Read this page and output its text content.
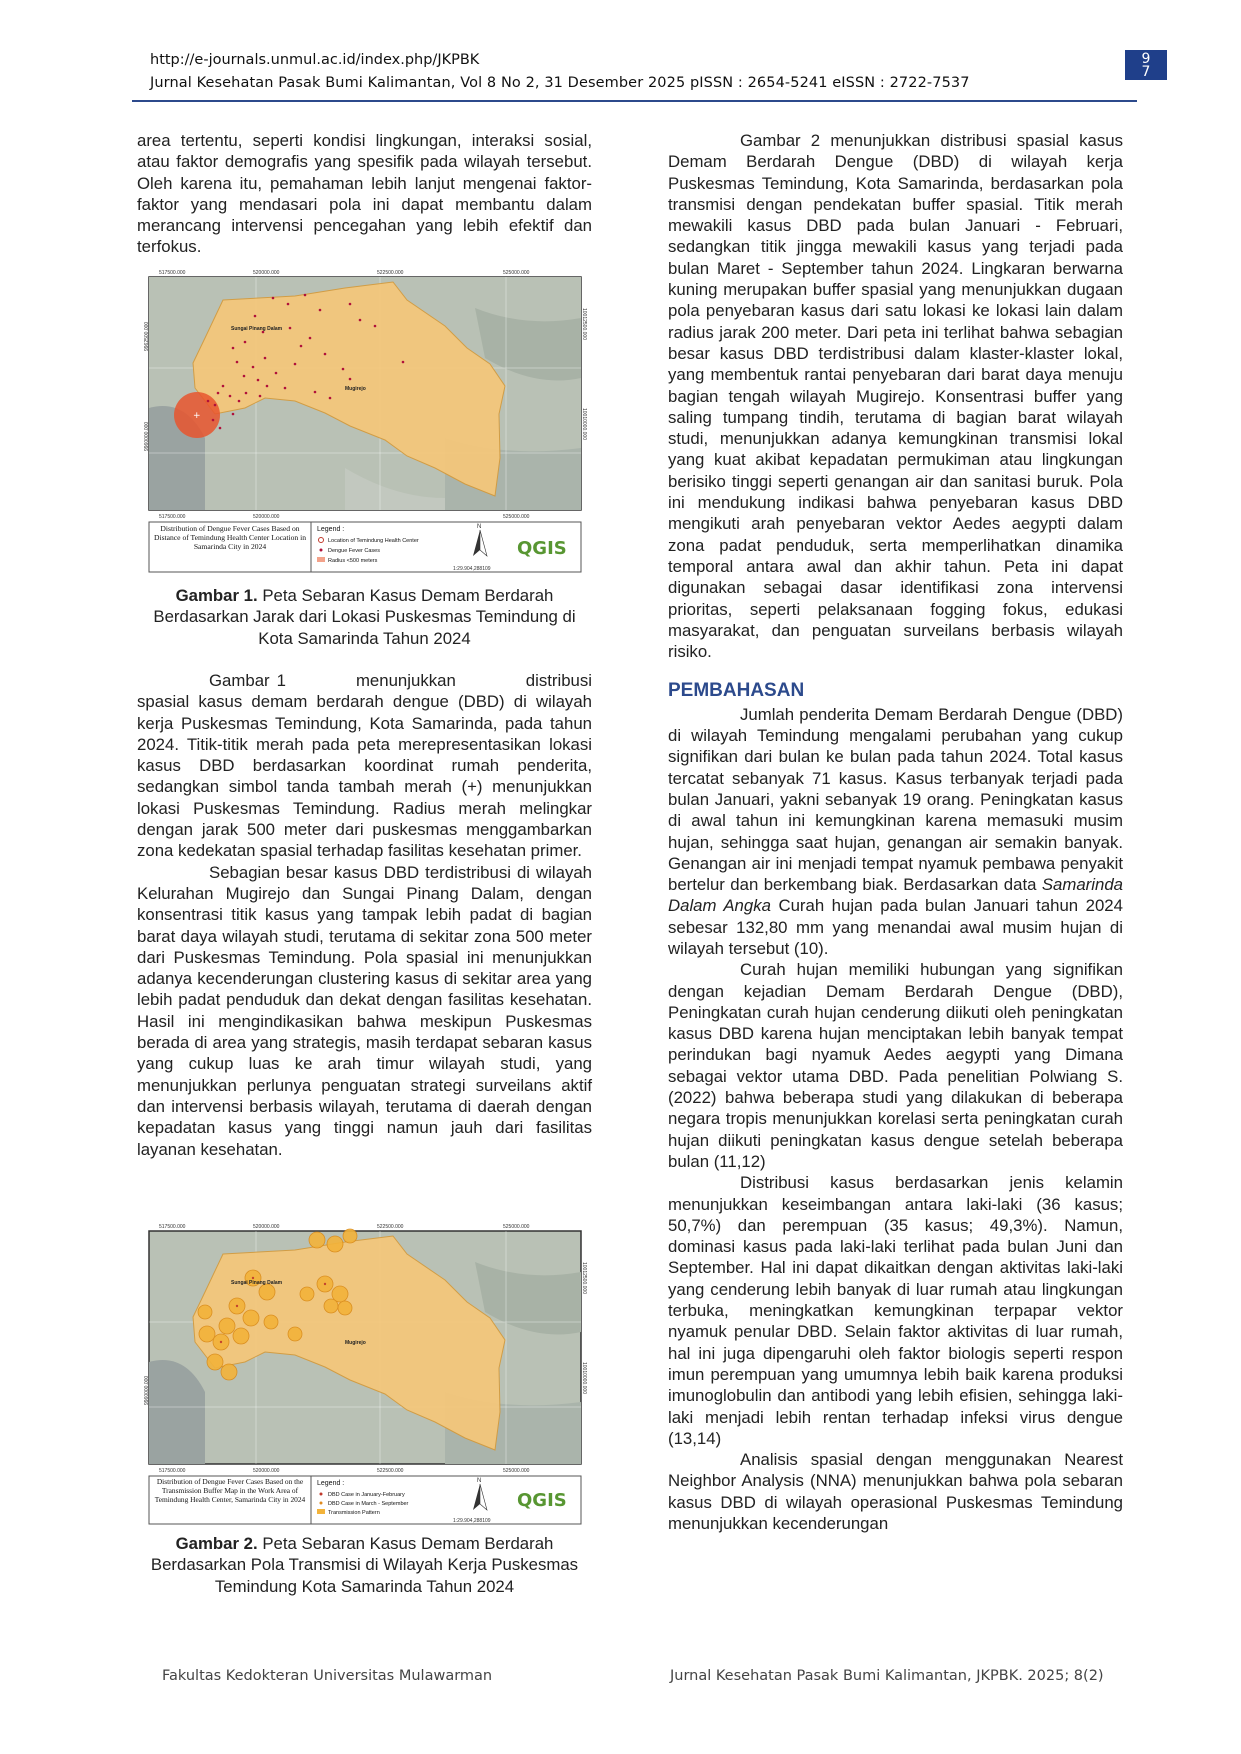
http://e-journals.unmul.ac.id/index.php/JKPBK
Jurnal Kesehatan Pasak Bumi Kalimantan, Vol 8 No 2, 31 Desember 2025 pISSN : 2654-5241 eISSN : 2722-7537
9
7

area tertentu, seperti kondisi lingkungan, interaksi sosial, atau faktor demografis yang spesifik pada wilayah tersebut. Oleh karena itu, pemahaman lebih lanjut mengenai faktor-faktor yang mendasari pola ini dapat membantu dalam merancang intervensi pencegahan yang lebih efektif dan terfokus.

517500.000	520000.000	522500.000	525000.000
+
Sungai Pinang Dalam
Mugirejo
9962500.000
9960000.000
10012500.000
10010000.000
517500.000	520000.000	525000.000
Distribution of Dengue Fever Cases Based on Distance of Temindung Health Center Location in Samarinda City in 2024
Legend :
Location of Temindung Health Center
Dengue Fever Cases
Radius <500 meters
N
1:29.904,288109
QGIS
Gambar 1. Peta Sebaran Kasus Demam Berdarah Berdasarkan Jarak dari Lokasi Puskesmas Temindung di Kota Samarinda Tahun 2024

Gambar 1          menunjukkan          distribusi spasial kasus demam berdarah dengue (DBD) di wilayah kerja Puskesmas Temindung, Kota Samarinda, pada tahun 2024. Titik-titik merah pada peta merepresentasikan lokasi kasus DBD berdasarkan koordinat rumah penderita, sedangkan simbol tanda tambah merah (+) menunjukkan lokasi Puskesmas Temindung. Radius merah melingkar dengan jarak 500 meter dari puskesmas menggambarkan zona kedekatan spasial terhadap fasilitas kesehatan primer.

Sebagian besar kasus DBD terdistribusi di wilayah Kelurahan Mugirejo dan Sungai Pinang Dalam, dengan konsentrasi titik kasus yang tampak lebih padat di bagian barat daya wilayah studi, terutama di sekitar zona 500 meter dari Puskesmas Temindung. Pola spasial ini menunjukkan adanya kecenderungan clustering kasus di sekitar area yang lebih padat penduduk dan dekat dengan fasilitas kesehatan. Hasil ini mengindikasikan bahwa meskipun Puskesmas berada di area yang strategis, masih terdapat sebaran kasus yang cukup luas ke arah timur wilayah studi, yang menunjukkan perlunya penguatan strategi surveilans aktif dan intervensi berbasis wilayah, terutama di daerah dengan kepadatan kasus yang tinggi namun jauh dari fasilitas layanan kesehatan.

517500.000	520000.000	522500.000	525000.000
Sungai Pinang Dalam
Mugirejo
9960000.000
10012500.000
10010000.000
517500.000	520000.000	522500.000	525000.000
Distribution of Dengue Fever Cases Based on the Transmission Buffer Map in the Work Area of Temindung Health Center, Samarinda City in 2024
Legend :
DBD Case in January-February
DBD Case in March - September
Transmission Pattern
N
1:29.904,288109
QGIS
Gambar 2. Peta Sebaran Kasus Demam Berdarah Berdasarkan Pola Transmisi di Wilayah Kerja Puskesmas Temindung Kota Samarinda Tahun 2024

Gambar 2 menunjukkan distribusi spasial kasus Demam Berdarah Dengue (DBD) di wilayah kerja Puskesmas Temindung, Kota Samarinda, berdasarkan pola transmisi dengan pendekatan buffer spasial. Titik merah mewakili kasus DBD pada bulan Januari - Februari, sedangkan titik jingga mewakili kasus yang terjadi pada bulan Maret - September tahun 2024. Lingkaran berwarna kuning merupakan buffer spasial yang menunjukkan dugaan pola penyebaran kasus dari satu lokasi ke lokasi lain dalam radius jarak 200 meter. Dari peta ini terlihat bahwa sebagian besar kasus DBD terdistribusi dalam klaster-klaster lokal, yang membentuk rantai penyebaran dari barat daya menuju bagian tengah wilayah Mugirejo. Konsentrasi buffer yang saling tumpang tindih, terutama di bagian barat wilayah studi, menunjukkan adanya kemungkinan transmisi lokal yang kuat akibat kepadatan permukiman atau lingkungan berisiko tinggi seperti genangan air dan sanitasi buruk. Pola ini mendukung indikasi bahwa penyebaran kasus DBD mengikuti arah penyebaran vektor Aedes aegypti dalam zona padat penduduk, serta memperlihatkan dinamika temporal antara awal dan akhir tahun. Peta ini dapat digunakan sebagai dasar identifikasi zona intervensi prioritas, seperti pelaksanaan fogging fokus, edukasi masyarakat, dan penguatan surveilans berbasis wilayah risiko.

PEMBAHASAN

Jumlah penderita Demam Berdarah Dengue (DBD) di wilayah Temindung mengalami perubahan yang cukup signifikan dari bulan ke bulan pada tahun 2024. Total kasus tercatat sebanyak 71 kasus. Kasus terbanyak terjadi pada bulan Januari, yakni sebanyak 19 orang. Peningkatan kasus di awal tahun ini kemungkinan karena memasuki musim hujan, sehingga saat hujan, genangan air semakin banyak. Genangan air ini menjadi tempat nyamuk pembawa penyakit bertelur dan berkembang biak. Berdasarkan data Samarinda Dalam Angka Curah hujan pada bulan Januari tahun 2024 sebesar 132,80 mm yang menandai awal musim hujan di wilayah tersebut (10).

Curah hujan memiliki hubungan yang signifikan dengan kejadian Demam Berdarah Dengue (DBD), Peningkatan curah hujan cenderung diikuti oleh peningkatan kasus DBD karena hujan menciptakan lebih banyak tempat perindukan bagi nyamuk Aedes aegypti yang Dimana sebagai vektor utama DBD. Pada penelitian Polwiang S. (2022) bahwa beberapa studi yang dilakukan di beberapa negara tropis menunjukkan korelasi serta peningkatan curah hujan diikuti peningkatan kasus dengue setelah beberapa bulan (11,12)

Distribusi kasus berdasarkan jenis kelamin menunjukkan keseimbangan antara laki-laki (36 kasus; 50,7%) dan perempuan (35 kasus; 49,3%). Namun, dominasi kasus pada laki-laki terlihat pada bulan Juni dan September. Hal ini dapat dikaitkan dengan aktivitas laki-laki yang cenderung lebih banyak di luar rumah atau lingkungan terbuka, meningkatkan kemungkinan terpapar vektor nyamuk penular DBD. Selain faktor aktivitas di luar rumah, hal ini juga dipengaruhi oleh faktor biologis seperti respon imun perempuan yang umumnya lebih baik karena produksi imunoglobulin dan antibodi yang lebih efisien, sehingga laki-laki menjadi lebih rentan terhadap infeksi virus dengue (13,14)

Analisis spasial dengan menggunakan Nearest Neighbor Analysis (NNA) menunjukkan bahwa pola sebaran kasus DBD di wilayah operasional Puskesmas Temindung menunjukkan kecenderungan

Fakultas Kedokteran Universitas Mulawarman	Jurnal Kesehatan Pasak Bumi Kalimantan, JKPBK. 2025; 8(2)
